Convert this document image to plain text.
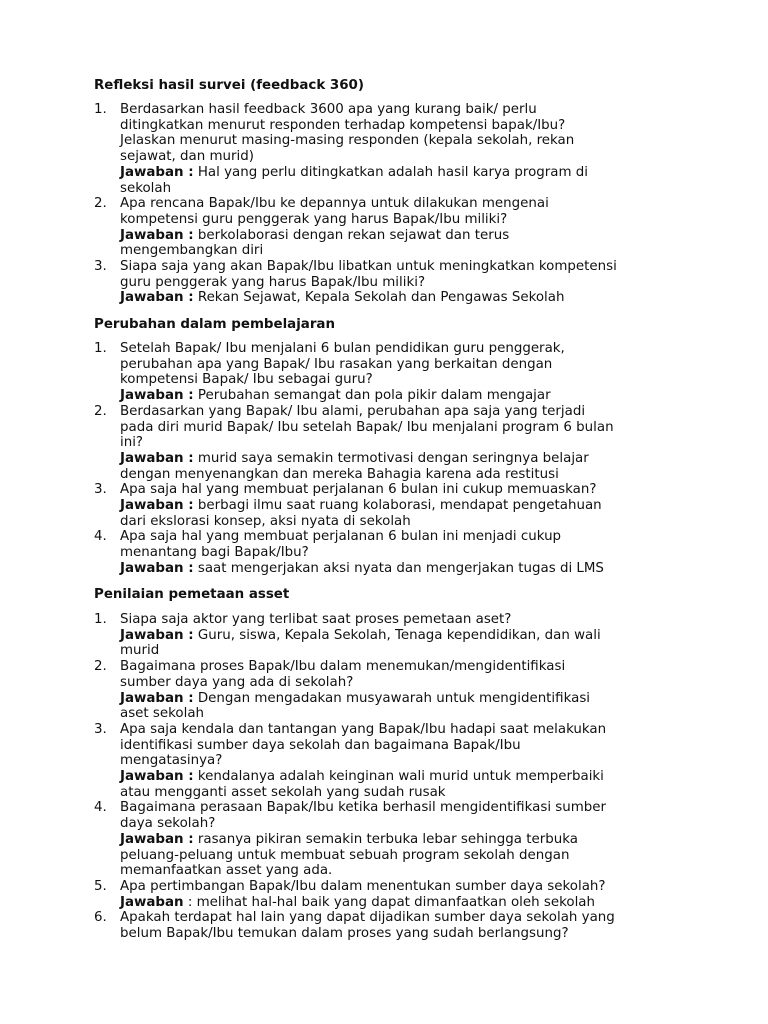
Refleksi hasil survei (feedback 360)
1. Berdasarkan hasil feedback 3600 apa yang kurang baik/ perlu
ditingkatkan menurut responden terhadap kompetensi bapak/Ibu?
Jelaskan menurut masing-masing responden (kepala sekolah, rekan
sejawat, dan murid)
Jawaban : Hal yang perlu ditingkatkan adalah hasil karya program di
sekolah
2. Apa rencana Bapak/Ibu ke depannya untuk dilakukan mengenai
kompetensi guru penggerak yang harus Bapak/Ibu miliki?
Jawaban : berkolaborasi dengan rekan sejawat dan terus
mengembangkan diri
3. Siapa saja yang akan Bapak/Ibu libatkan untuk meningkatkan kompetensi
guru penggerak yang harus Bapak/Ibu miliki?
Jawaban : Rekan Sejawat, Kepala Sekolah dan Pengawas Sekolah
Perubahan dalam pembelajaran
1. Setelah Bapak/ Ibu menjalani 6 bulan pendidikan guru penggerak,
perubahan apa yang Bapak/ Ibu rasakan yang berkaitan dengan
kompetensi Bapak/ Ibu sebagai guru?
Jawaban : Perubahan semangat dan pola pikir dalam mengajar
2. Berdasarkan yang Bapak/ Ibu alami, perubahan apa saja yang terjadi
pada diri murid Bapak/ Ibu setelah Bapak/ Ibu menjalani program 6 bulan
ini?
Jawaban : murid saya semakin termotivasi dengan seringnya belajar
dengan menyenangkan dan mereka Bahagia karena ada restitusi
3. Apa saja hal yang membuat perjalanan 6 bulan ini cukup memuaskan?
Jawaban : berbagi ilmu saat ruang kolaborasi, mendapat pengetahuan
dari ekslorasi konsep, aksi nyata di sekolah
4. Apa saja hal yang membuat perjalanan 6 bulan ini menjadi cukup
menantang bagi Bapak/Ibu?
Jawaban : saat mengerjakan aksi nyata dan mengerjakan tugas di LMS
Penilaian pemetaan asset
1. Siapa saja aktor yang terlibat saat proses pemetaan aset?
Jawaban : Guru, siswa, Kepala Sekolah, Tenaga kependidikan, dan wali
murid
2. Bagaimana proses Bapak/Ibu dalam menemukan/mengidentifikasi
sumber daya yang ada di sekolah?
Jawaban : Dengan mengadakan musyawarah untuk mengidentifikasi
aset sekolah
3. Apa saja kendala dan tantangan yang Bapak/Ibu hadapi saat melakukan
identifikasi sumber daya sekolah dan bagaimana Bapak/Ibu
mengatasinya?
Jawaban : kendalanya adalah keinginan wali murid untuk memperbaiki
atau mengganti asset sekolah yang sudah rusak
4. Bagaimana perasaan Bapak/Ibu ketika berhasil mengidentifikasi sumber
daya sekolah?
Jawaban : rasanya pikiran semakin terbuka lebar sehingga terbuka
peluang-peluang untuk membuat sebuah program sekolah dengan
memanfaatkan asset yang ada.
5. Apa pertimbangan Bapak/Ibu dalam menentukan sumber daya sekolah?
Jawaban : melihat hal-hal baik yang dapat dimanfaatkan oleh sekolah
6. Apakah terdapat hal lain yang dapat dijadikan sumber daya sekolah yang
belum Bapak/Ibu temukan dalam proses yang sudah berlangsung?
